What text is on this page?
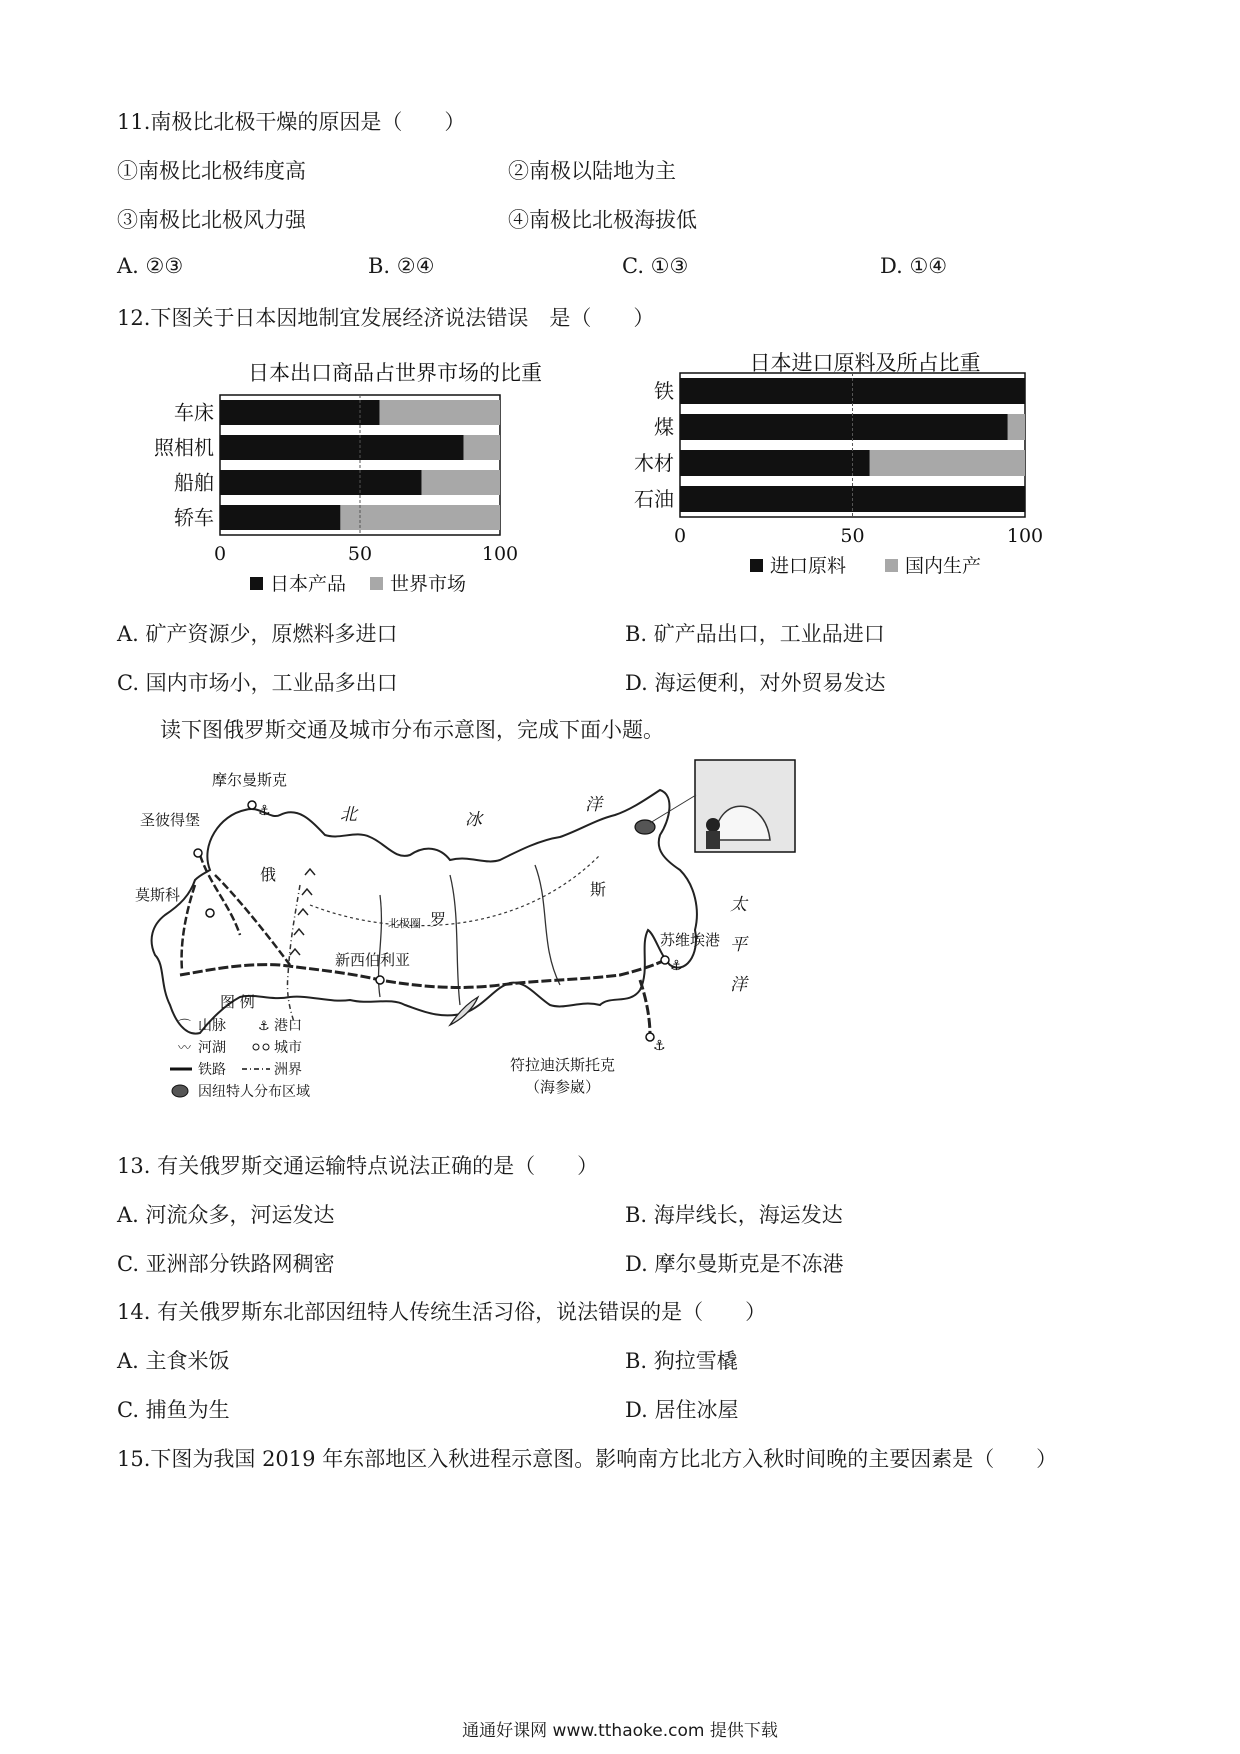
11.南极比北极干燥的原因是（　　）
①南极比北极纬度高	②南极以陆地为主
③南极比北极风力强	④南极比北极海拔低
A. ②③	B. ②④	C. ①③	D. ①④
12.下图关于日本因地制宜发展经济说法错误　是（　　）
日本出口商品占世界市场的比重
车床
照相机
船舶
轿车
0	50	100
日本产品 世界市场
日本进口原料及所占比重
铁
煤
木材
石油
0	50	100
进口原料	国内生产
A. 矿产资源少，原燃料多进口	B. 矿产品出口，工业品进口
C. 国内市场小，工业品多出口	D. 海运便利，对外贸易发达
读下图俄罗斯交通及城市分布示意图，完成下面小题。
⚓
⚓
⚓
摩尔曼斯克
圣彼得堡
莫斯科
新西伯利亚
苏维埃港
符拉迪沃斯托克
（海参崴）
俄
罗
斯
北	冰
洋
太
平
洋
北极圈
图 例
⌒ 山脉 ⚓ 港口
〰 河湖	城市
铁路	洲界
因纽特人分布区域
13. 有关俄罗斯交通运输特点说法正确的是（　　）
A. 河流众多，河运发达	B. 海岸线长，海运发达
C. 亚洲部分铁路网稠密	D. 摩尔曼斯克是不冻港
14. 有关俄罗斯东北部因纽特人传统生活习俗，说法错误的是（　　）
A. 主食米饭	B. 狗拉雪橇
C. 捕鱼为生	D. 居住冰屋
15.下图为我国 2019 年东部地区入秋进程示意图。影响南方比北方入秋时间晚的主要因素是（　　）
通通好课网 www.tthaoke.com 提供下载
